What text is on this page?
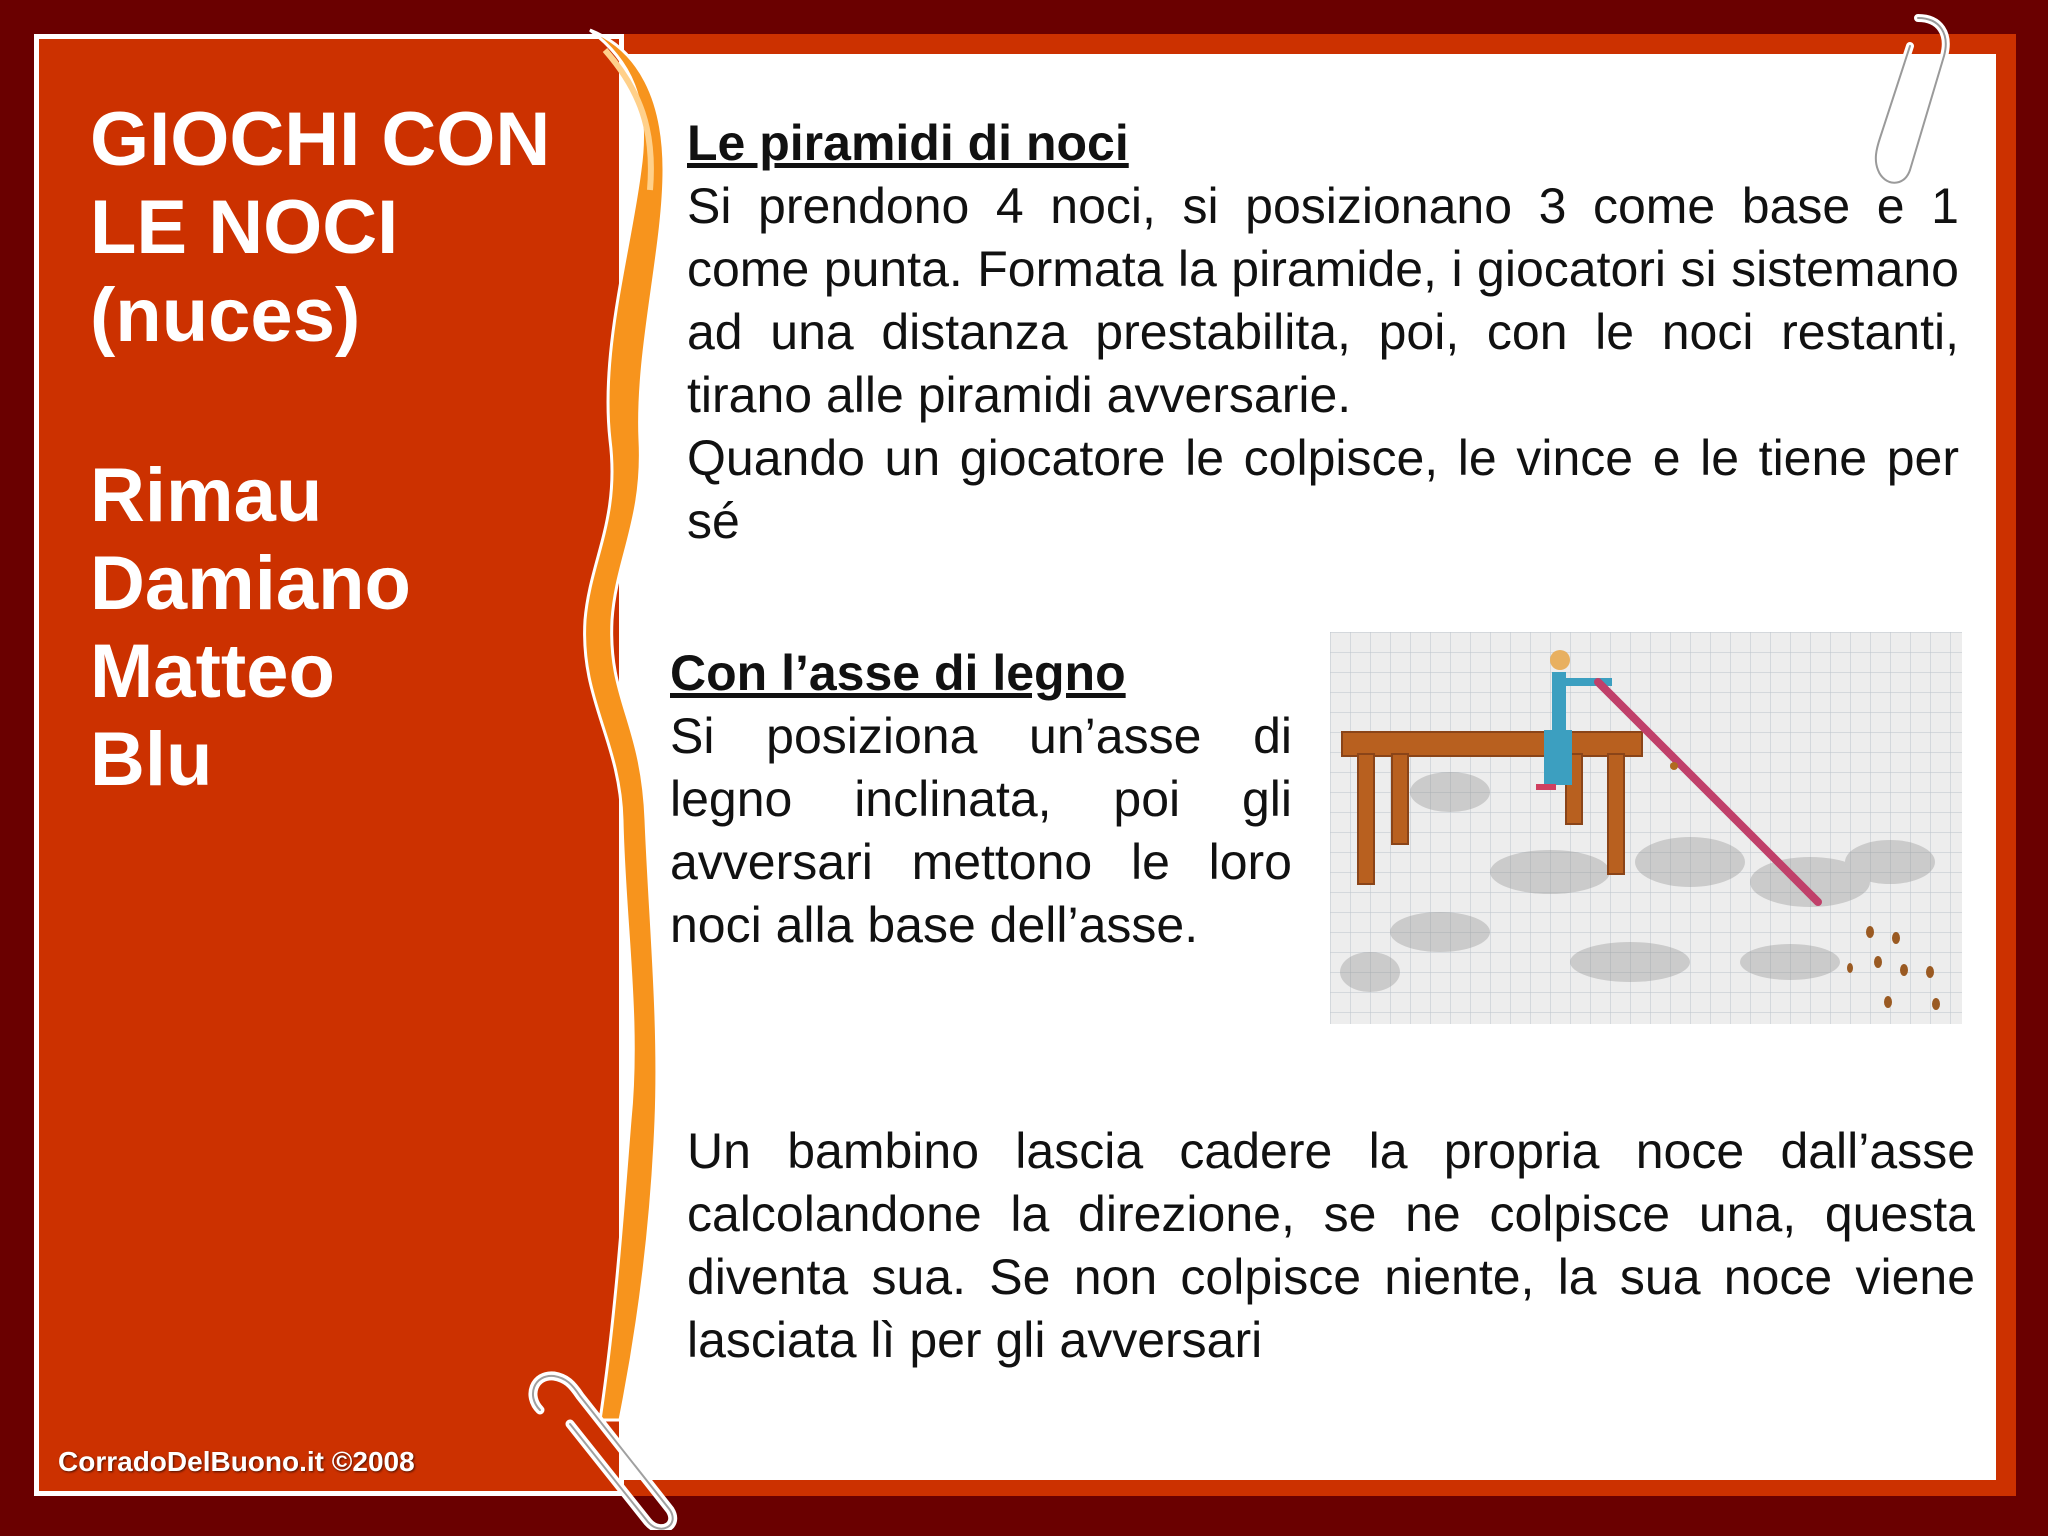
GIOCHI CON
LE NOCI
(nuces)
Rimau
Damiano
Matteo
Blu
CorradoDelBuono.it ©2008
Le piramidi di noci
Si prendono 4 noci, si posizionano 3 come base e 1 come punta. Formata la piramide, i giocatori si sistemano ad una distanza prestabilita, poi, con le noci restanti, tirano alle piramidi avversarie.
Quando un giocatore le colpisce, le vince e le tiene per sé
Con l’asse di legno
Si posiziona un’asse di legno inclinata, poi gli avversari mettono le loro noci alla base dell’asse.
Un bambino lascia cadere la propria noce dall’asse calcolandone la direzione, se ne colpisce una, questa diventa sua. Se non colpisce niente, la sua noce viene lasciata lì per gli avversari
